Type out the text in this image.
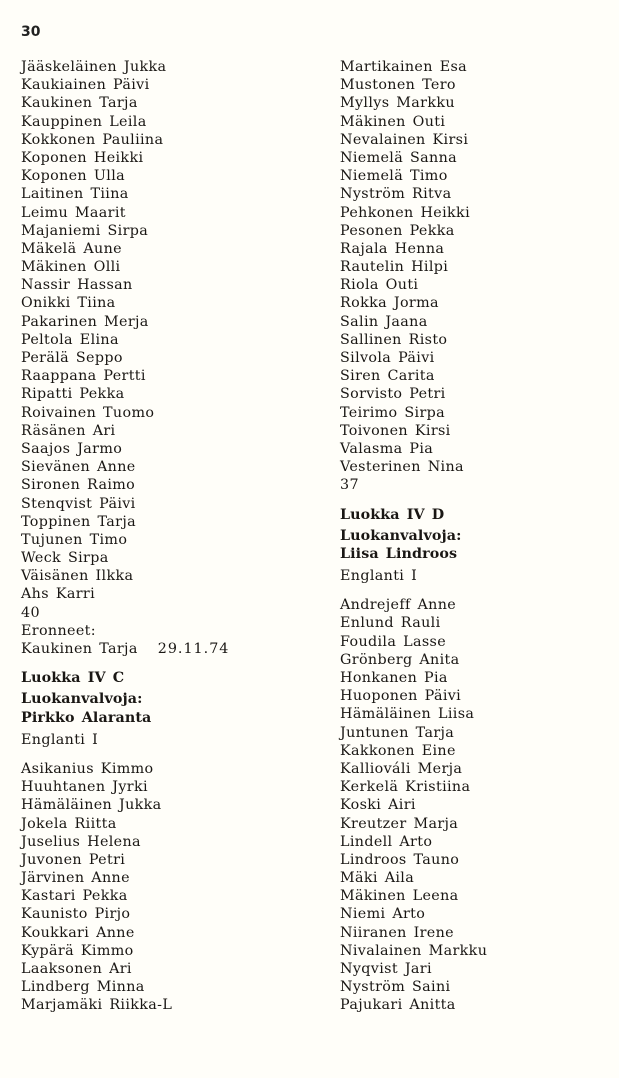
30
Jääskeläinen Jukka
Kaukiainen Päivi
Kaukinen Tarja
Kauppinen Leila
Kokkonen Pauliina
Koponen Heikki
Koponen Ulla
Laitinen Tiina
Leimu Maarit
Majaniemi Sirpa
Mäkelä Aune
Mäkinen Olli
Nassir Hassan
Onikki Tiina
Pakarinen Merja
Peltola Elina
Perälä Seppo
Raappana Pertti
Ripatti Pekka
Roivainen Tuomo
Räsänen Ari
Saajos Jarmo
Sievänen Anne
Sironen Raimo
Stenqvist Päivi
Toppinen Tarja
Tujunen Timo
Weck Sirpa
Väisänen Ilkka
Ahs Karri
40
Eronneet:
Kaukinen Tarja 29.11.74
Luokka IV C
Luokanvalvoja:
Pirkko Alaranta
Englanti I
Asikanius Kimmo
Huuhtanen Jyrki
Hämäläinen Jukka
Jokela Riitta
Juselius Helena
Juvonen Petri
Järvinen Anne
Kastari Pekka
Kaunisto Pirjo
Koukkari Anne
Kypärä Kimmo
Laaksonen Ari
Lindberg Minna
Marjamäki Riikka-L
Martikainen Esa
Mustonen Tero
Myllys Markku
Mäkinen Outi
Nevalainen Kirsi
Niemelä Sanna
Niemelä Timo
Nyström Ritva
Pehkonen Heikki
Pesonen Pekka
Rajala Henna
Rautelin Hilpi
Riola Outi
Rokka Jorma
Salin Jaana
Sallinen Risto
Silvola Päivi
Siren Carita
Sorvisto Petri
Teirimo Sirpa
Toivonen Kirsi
Valasma Pia
Vesterinen Nina
37
Luokka IV D
Luokanvalvoja:
Liisa Lindroos
Englanti I
Andrejeff Anne
Enlund Rauli
Foudila Lasse
Grönberg Anita
Honkanen Pia
Huoponen Päivi
Hämäläinen Liisa
Juntunen Tarja
Kakkonen Eine
Kalliováli Merja
Kerkelä Kristiina
Koski Airi
Kreutzer Marja
Lindell Arto
Lindroos Tauno
Mäki Aila
Mäkinen Leena
Niemi Arto
Niiranen Irene
Nivalainen Markku
Nyqvist Jari
Nyström Saini
Pajukari Anitta
